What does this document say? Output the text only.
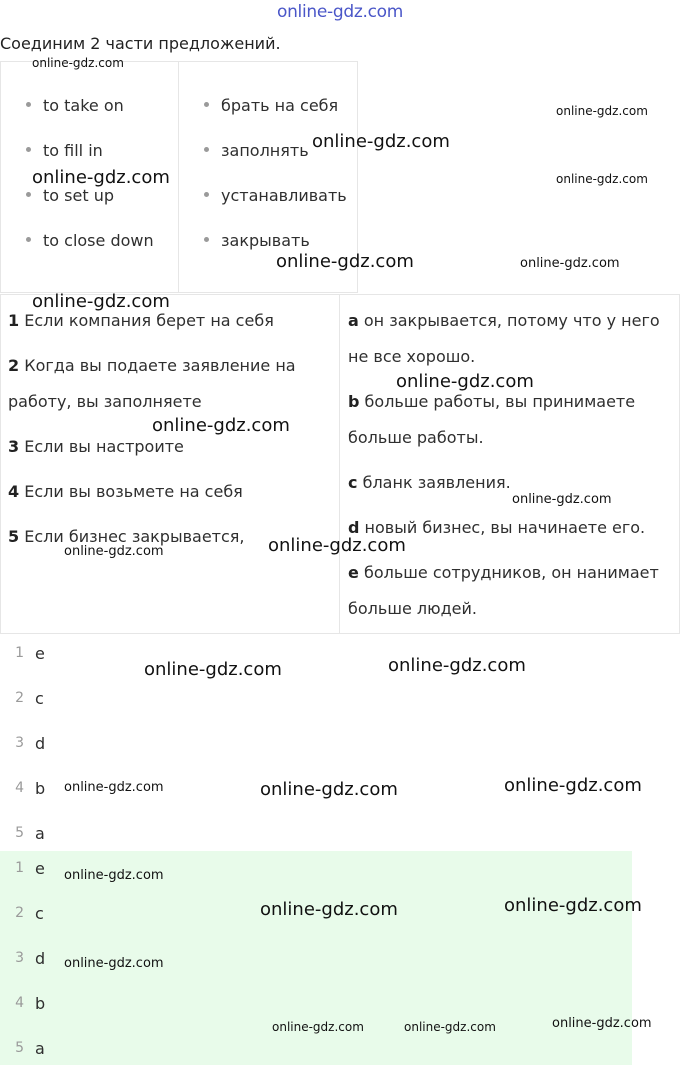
online-gdz.com
Соединим 2 части предложений.
to take on
to fill in
to set up
to close down
брать на себя
заполнять
устанавливать
закрывать
1 Если компания берет на себя
2 Когда вы подаете заявление на работу, вы заполняете
3 Если вы настроите
4 Если вы возьмете на себя
5 Если бизнес закрывается,
a он закрывается, потому что у него не все хорошо.
b больше работы, вы принимаете больше работы.
c бланк заявления.
d новый бизнес, вы начинаете его.
e больше сотрудников, он нанимает больше людей.
1 e
2 c
3 d
4 b
5 a
1 e
2 c
3 d
4 b
5 a
online-gdz.com
online-gdz.com
online-gdz.com
online-gdz.com	online-gdz.com
online-gdz.com	online-gdz.com
online-gdz.com
online-gdz.com
online-gdz.com
online-gdz.com
online-gdz.com
online-gdz.com
online-gdz.com	online-gdz.com
online-gdz.com	online-gdz.com	online-gdz.com
online-gdz.com
online-gdz.com	online-gdz.com
online-gdz.com
online-gdz.com	online-gdz.com	online-gdz.com
